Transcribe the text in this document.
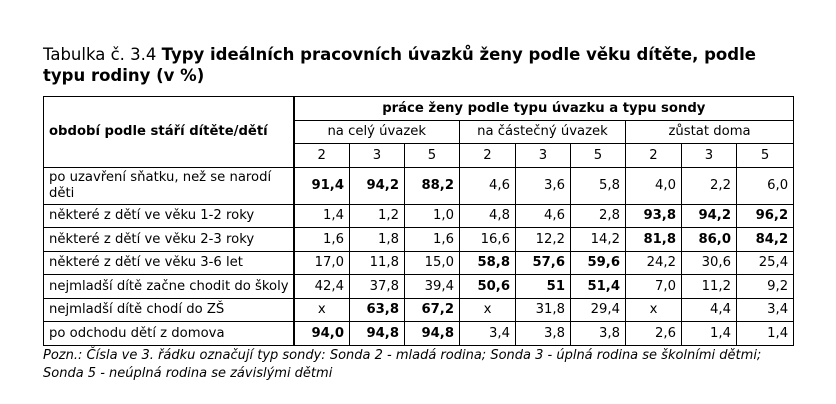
Tabulka č. 3.4 Typy ideálních pracovních úvazků ženy podle věku dítěte, podle typu rodiny (v %)
období podle stáří dítěte/dětí	práce ženy podle typu úvazku a typu sondy								
	na celý úvazek			na částečný úvazek			zůstat doma		
	2	3	5	2	3	5	2	3	5
po uzavření sňatku, než se narodí děti	91,4	94,2	88,2	4,6	3,6	5,8	4,0	2,2	6,0
některé z dětí ve věku 1-2 roky	1,4	1,2	1,0	4,8	4,6	2,8	93,8	94,2	96,2
některé z dětí ve věku 2-3 roky	1,6	1,8	1,6	16,6	12,2	14,2	81,8	86,0	84,2
některé z dětí ve věku 3-6 let	17,0	11,8	15,0	58,8	57,6	59,6	24,2	30,6	25,4
nejmladší dítě začne chodit do školy	42,4	37,8	39,4	50,6	51	51,4	7,0	11,2	9,2
nejmladší dítě chodí do ZŠ	x	63,8	67,2	x	31,8	29,4	x	4,4	3,4
po odchodu dětí z domova	94,0	94,8	94,8	3,4	3,8	3,8	2,6	1,4	1,4
Pozn.: Čísla ve 3. řádku označují typ sondy: Sonda 2 - mladá rodina; Sonda 3 - úplná rodina se školními dětmi; Sonda 5 - neúplná rodina se závislými dětmi
